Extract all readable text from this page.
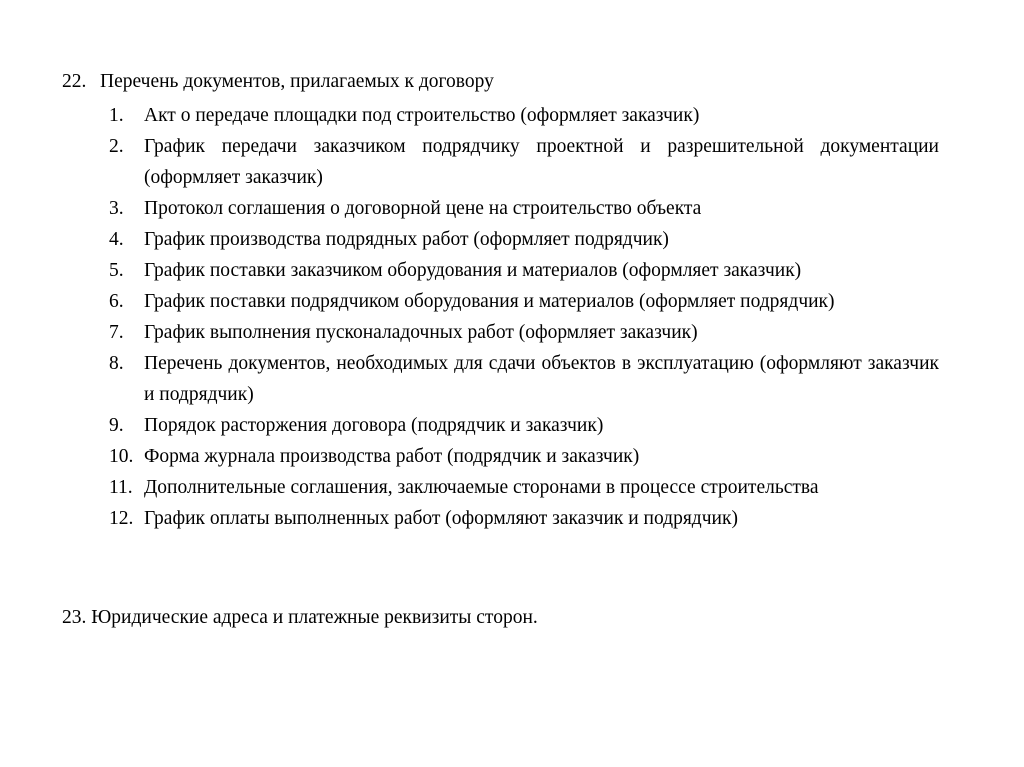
22. Перечень документов, прилагаемых к договору
1.	Акт о передаче площадки под строительство (оформляет заказчик)
2.	График передачи заказчиком подрядчику проектной и разрешительной документации (оформляет заказчик)
3.	Протокол соглашения о договорной цене на строительство объекта
4.	График производства подрядных работ (оформляет подрядчик)
5.	График поставки заказчиком оборудования и материалов (оформляет заказчик)
6.	График поставки подрядчиком оборудования и материалов (оформляет подрядчик)
7.	График выполнения пусконаладочных работ (оформляет заказчик)
8.	Перечень документов, необходимых для сдачи объектов в эксплуатацию (оформляют заказчик и подрядчик)
9.	Порядок расторжения договора (подрядчик и заказчик)
10. Форма журнала производства работ (подрядчик и заказчик)
11. Дополнительные соглашения, заключаемые сторонами в процессе строительства
12. График оплаты выполненных работ (оформляют заказчик и подрядчик)
23. Юридические адреса и платежные реквизиты сторон.
